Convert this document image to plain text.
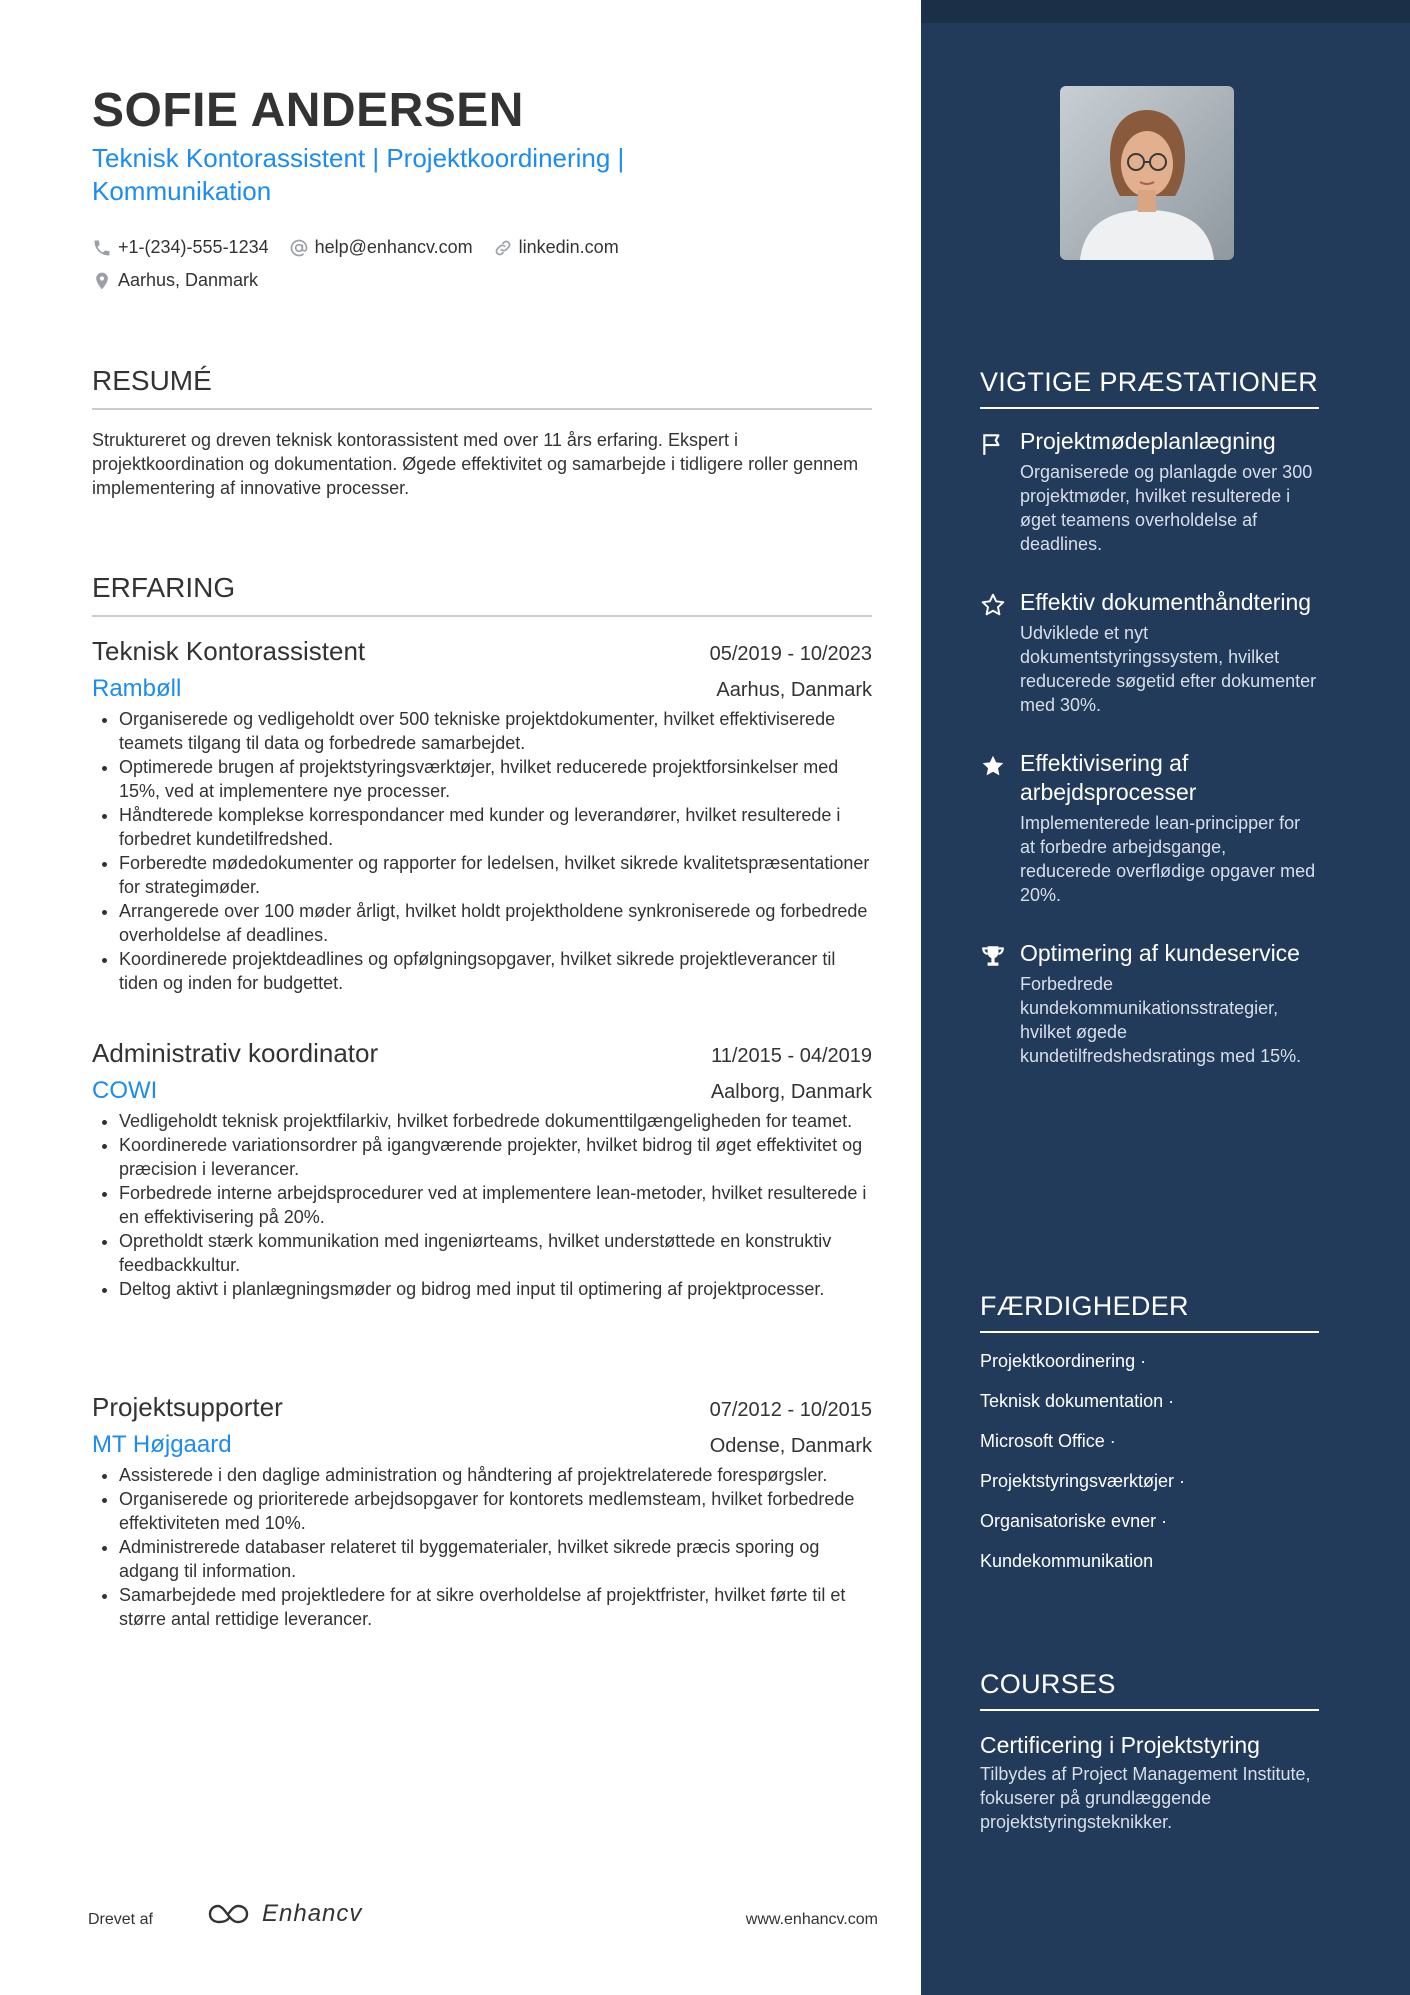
SOFIE ANDERSEN
Teknisk Kontorassistent | Projektkoordinering | Kommunikation
+1-(234)-555-1234	help@enhancv.com	linkedin.com
Aarhus, Danmark
RESUMÉ
Struktureret og dreven teknisk kontorassistent med over 11 års erfaring. Ekspert i projektkoordination og dokumentation. Øgede effektivitet og samarbejde i tidligere roller gennem implementering af innovative processer.
ERFARING
Teknisk Kontorassistent	05/2019 - 10/2023
Rambøll	Aarhus, Danmark
• Organiserede og vedligeholdt over 500 tekniske projektdokumenter, hvilket effektiviserede teamets tilgang til data og forbedrede samarbejdet.
• Optimerede brugen af projektstyringsværktøjer, hvilket reducerede projektforsinkelser med 15%, ved at implementere nye processer.
• Håndterede komplekse korrespondancer med kunder og leverandører, hvilket resulterede i forbedret kundetilfredshed.
• Forberedte mødedokumenter og rapporter for ledelsen, hvilket sikrede kvalitetspræsentationer for strategimøder.
• Arrangerede over 100 møder årligt, hvilket holdt projektholdene synkroniserede og forbedrede overholdelse af deadlines.
• Koordinerede projektdeadlines og opfølgningsopgaver, hvilket sikrede projektleverancer til tiden og inden for budgettet.
Administrativ koordinator	11/2015 - 04/2019
COWI	Aalborg, Danmark
• Vedligeholdt teknisk projektfilarkiv, hvilket forbedrede dokumenttilgængeligheden for teamet.
• Koordinerede variationsordrer på igangværende projekter, hvilket bidrog til øget effektivitet og præcision i leverancer.
• Forbedrede interne arbejdsprocedurer ved at implementere lean-metoder, hvilket resulterede i en effektivisering på 20%.
• Opretholdt stærk kommunikation med ingeniørteams, hvilket understøttede en konstruktiv feedbackkultur.
• Deltog aktivt i planlægningsmøder og bidrog med input til optimering af projektprocesser.
Projektsupporter	07/2012 - 10/2015
MT Højgaard	Odense, Danmark
• Assisterede i den daglige administration og håndtering af projektrelaterede forespørgsler.
• Organiserede og prioriterede arbejdsopgaver for kontorets medlemsteam, hvilket forbedrede effektiviteten med 10%.
• Administrerede databaser relateret til byggematerialer, hvilket sikrede præcis sporing og adgang til information.
• Samarbejdede med projektledere for at sikre overholdelse af projektfrister, hvilket førte til et større antal rettidige leverancer.
Drevet af	Enhancv	www.enhancv.com
VIGTIGE PRÆSTATIONER
Projektmødeplanlægning
Organiserede og planlagde over 300 projektmøder, hvilket resulterede i øget teamens overholdelse af deadlines.
Effektiv dokumenthåndtering
Udviklede et nyt dokumentstyringssystem, hvilket reducerede søgetid efter dokumenter med 30%.
Effektivisering af arbejdsprocesser
Implementerede lean-principper for at forbedre arbejdsgange, reducerede overflødige opgaver med 20%.
Optimering af kundeservice
Forbedrede kundekommunikationsstrategier, hvilket øgede kundetilfredshedsratings med 15%.
FÆRDIGHEDER
Projektkoordinering ·
Teknisk dokumentation ·
Microsoft Office ·
Projektstyringsværktøjer ·
Organisatoriske evner ·
Kundekommunikation
COURSES
Certificering i Projektstyring
Tilbydes af Project Management Institute, fokuserer på grundlæggende projektstyringsteknikker.
